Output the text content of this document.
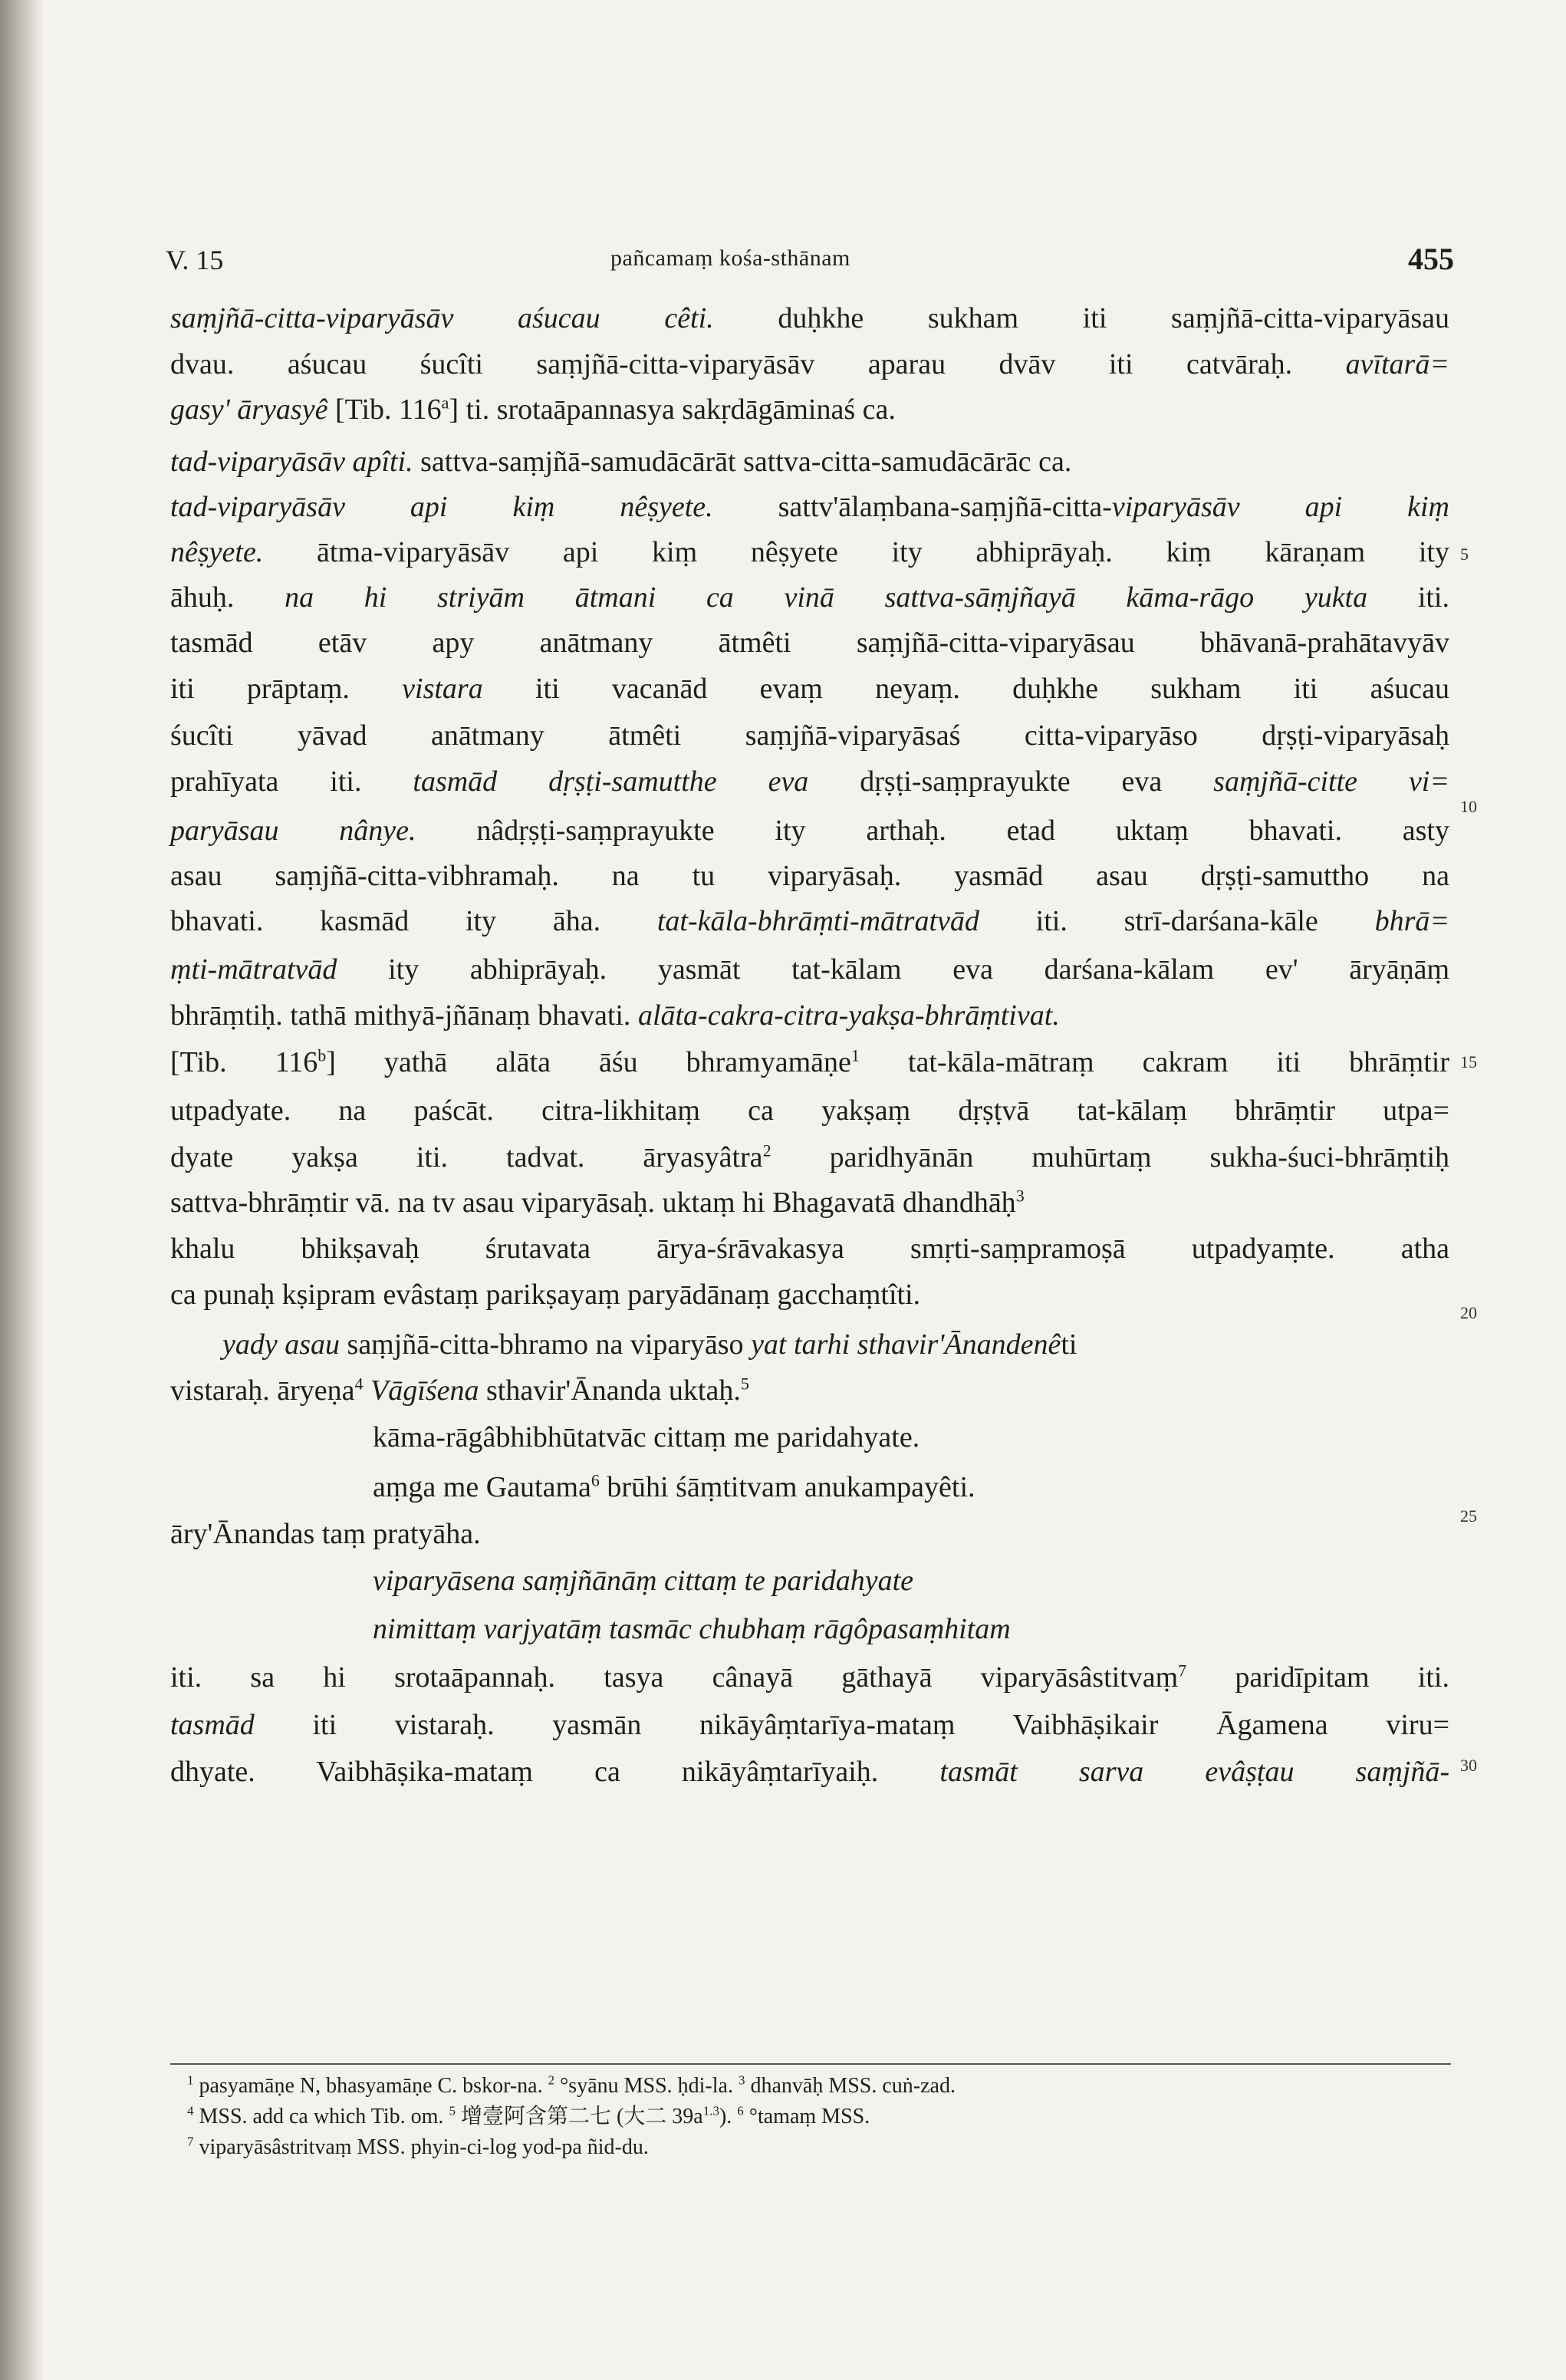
V. 15	pañcamaṃ kośa-sthānam	455
saṃjñā-citta-viparyāsāv aśucau cêti. duḥkhe sukham iti saṃjñā-citta-viparyāsau
dvau. aśucau śucîti saṃjñā-citta-viparyāsāv aparau dvāv iti catvāraḥ. avītarā=
gasy' āryasyê [Tib. 116$^a$] ti. srotaāpannasya sakṛdāgāminaś ca.
tad-viparyāsāv apîti. sattva-saṃjñā-samudācārāt sattva-citta-samudācārāc ca.
tad-viparyāsāv api kiṃ nêṣyete. sattv'ālaṃbana-saṃjñā-citta-viparyāsāv api kiṃ
nêṣyete. ātma-viparyāsāv api kiṃ nêṣyete ity abhiprāyaḥ. kiṃ kāraṇam ity
āhuḥ. na hi striyām ātmani ca vinā sattva-sāṃjñayā kāma-rāgo yukta iti.
tasmād etāv apy anātmany ātmêti saṃjñā-citta-viparyāsau bhāvanā-prahātavyāv
iti prāptaṃ. vistara iti vacanād evaṃ neyaṃ. duḥkhe sukham iti aśucau
śucîti yāvad anātmany ātmêti saṃjñā-viparyāsaś citta-viparyāso dṛṣṭi-viparyāsaḥ
prahīyata iti. tasmād dṛṣṭi-samutthe eva dṛṣṭi-saṃprayukte eva saṃjñā-citte vi=
paryāsau nânye. nâdṛṣṭi-saṃprayukte ity arthaḥ. etad uktaṃ bhavati. asty
asau saṃjñā-citta-vibhramaḥ. na tu viparyāsaḥ. yasmād asau dṛṣṭi-samuttho na
bhavati. kasmād ity āha. tat-kāla-bhrāṃti-mātratvād iti. strī-darśana-kāle bhrā=
ṃti-mātratvād ity abhiprāyaḥ. yasmāt tat-kālam eva darśana-kālam ev' āryāṇāṃ
bhrāṃtiḥ. tathā mithyā-jñānaṃ bhavati. alāta-cakra-citra-yakṣa-bhrāṃtivat.
[Tib. 116$^b$] yathā alāta āśu bhramyamāṇe$^1$ tat-kāla-mātraṃ cakram iti bhrāṃtir
utpadyate. na paścāt. citra-likhitaṃ ca yakṣaṃ dṛṣṭvā tat-kālaṃ bhrāṃtir utpa=
dyate yakṣa iti. tadvat. āryasyâtra$^2$ paridhyānān muhūrtaṃ sukha-śuci-bhrāṃtiḥ
sattva-bhrāṃtir vā. na tv asau viparyāsaḥ. uktaṃ hi Bhagavatā dhandhāḥ$^3$
khalu bhikṣavaḥ śrutavata ārya-śrāvakasya smṛti-saṃpramoṣā utpadyaṃte. atha
ca punaḥ kṣipram evâstaṃ parikṣayaṃ paryādānaṃ gacchaṃtîti.
yady asau saṃjñā-citta-bhramo na viparyāso yat tarhi sthavir'Ānandenêti
vistaraḥ. āryeṇa$^4$ Vāgīśena sthavir'Ānanda uktaḥ.$^5$
kāma-rāgâbhibhūtatvāc cittaṃ me paridahyate.
aṃga me Gautama$^6$ brūhi śāṃtitvam anukampayêti.
āry'Ānandas taṃ pratyāha.
viparyāsena saṃjñānāṃ cittaṃ te paridahyate
nimittaṃ varjyatāṃ tasmāc chubhaṃ rāgôpasaṃhitam
iti. sa hi srotaāpannaḥ. tasya cânayā gāthayā viparyāsâstitvaṃ$^7$ paridīpitam iti.
tasmād iti vistaraḥ. yasmān nikāyâṃtarīya-mataṃ Vaibhāṣikair Āgamena viru=
dhyate. Vaibhāṣika-mataṃ ca nikāyâṃtarīyaiḥ. tasmāt sarva evâṣṭau saṃjñā-
5
10
15
20
25
30
$^1$ pasyamāṇe N, bhasyamāṇe C. bskor-na. $^2$ °syānu MSS. ḥdi-la. $^3$ dhanvāḥ MSS. cuṅ-zad.
$^4$ MSS. add ca which Tib. om. $^5$ 增壹阿含第二七 (大二 $39a^{1.3}$). $^6$ °tamaṃ MSS.
$^7$ viparyāsâstritvaṃ MSS. phyin-ci-log yod-pa ñid-du.
